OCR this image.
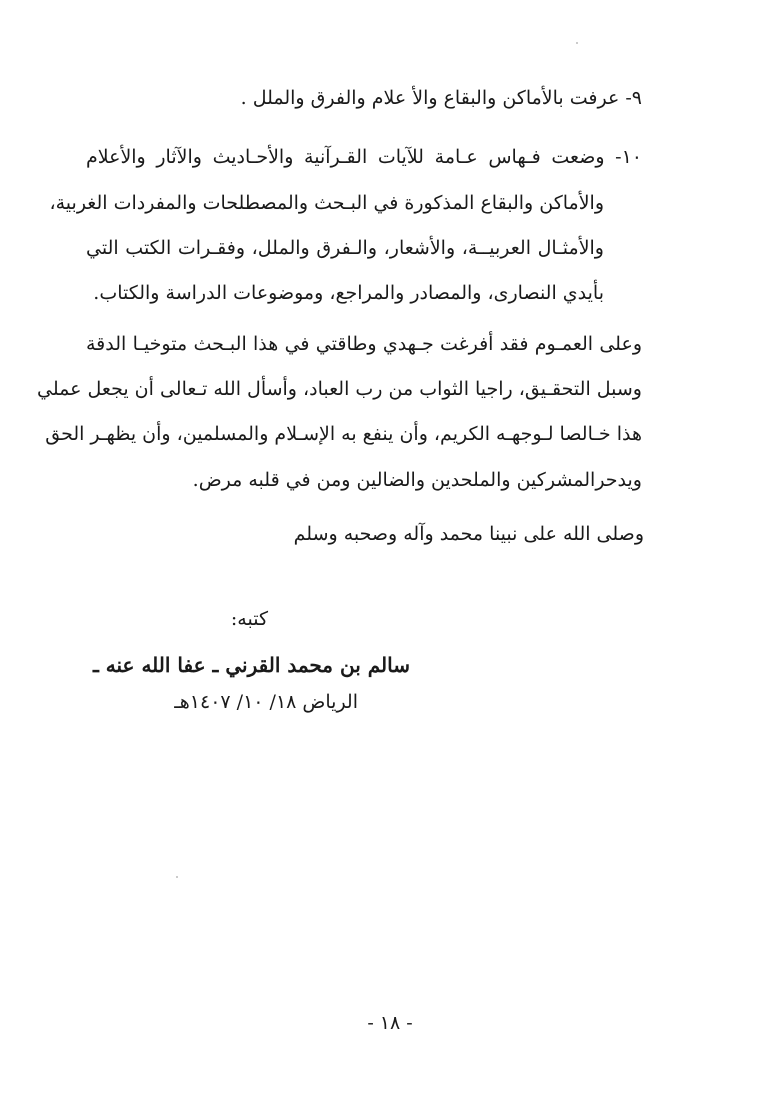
٩- عرفت بالأماكن والبقاع والأ علام والفرق والملل .
١٠- وضعت فـهاس عـامة للآيات القـرآنية والأحـاديث والآثار والأعلام
والأماكن والبقاع المذكورة في البـحث والمصطلحات والمفردات الغربية،
والأمثـال العربيــة، والأشعار، والـفرق والملل، وفقـرات الكتب التي
بأيدي النصارى، والمصادر والمراجع، وموضوعات الدراسة والكتاب.
وعلى العمـوم فقد أفرغت جـهدي وطاقتي في هذا البـحث متوخيـا الدقة
وسبل التحقـيق، راجيا الثواب من رب العباد، وأسأل الله تـعالى أن يجعل عملي
هذا خـالصا لـوجهـه الكريم، وأن ينفع به الإسـلام والمسلمين، وأن يظهـر الحق
ويدحرالمشركين والملحدين والضالين ومن في قلبه مرض.
وصلى الله على نبينا محمد وآله وصحبه وسلم
كتبه:
سالم بن محمد القرني ـ عفا الله عنه ـ
الرياض ١٨/ ١٠/ ١٤٠٧هـ
- ١٨ -
